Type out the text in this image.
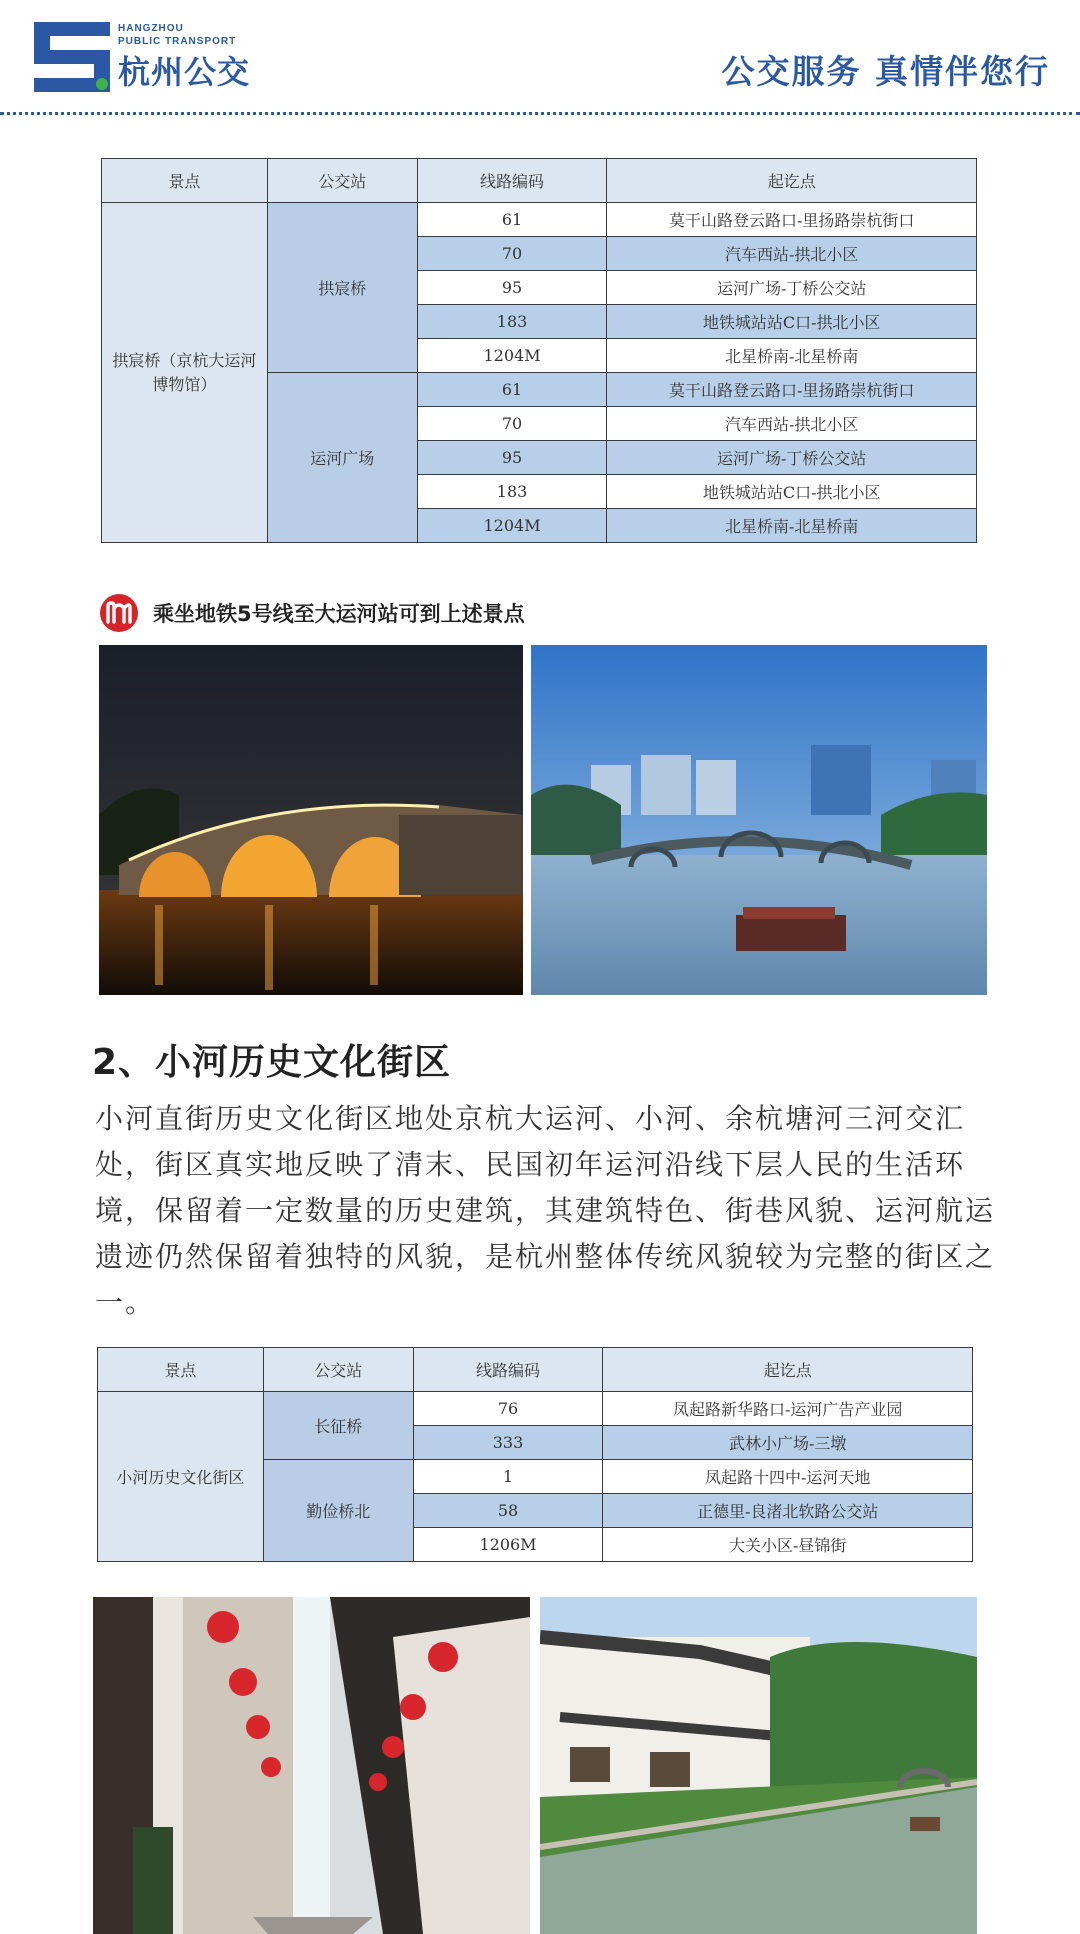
HANGZHOU
PUBLIC TRANSPORT
杭州公交	公交服务 真情伴您行
景点	公交站	线路编码	起讫点

拱宸桥（京杭大运河博物馆）	拱宸桥	61	莫干山路登云路口-里扬路崇杭街口
		70	汽车西站-拱北小区
		95	运河广场-丁桥公交站
		183	地铁城站站C口-拱北小区
		1204M	北星桥南-北星桥南
	运河广场	61	莫干山路登云路口-里扬路崇杭街口
		70	汽车西站-拱北小区
		95	运河广场-丁桥公交站
		183	地铁城站站C口-拱北小区
		1204M	北星桥南-北星桥南
乘坐地铁5号线至大运河站可到上述景点
2、小河历史文化街区
小河直街历史文化街区地处京杭大运河、小河、余杭塘河三河交汇处，街区真实地反映了清末、民国初年运河沿线下层人民的生活环境，保留着一定数量的历史建筑，其建筑特色、街巷风貌、运河航运遗迹仍然保留着独特的风貌，是杭州整体传统风貌较为完整的街区之一。
景点	公交站	线路编码	起讫点
小河历史文化街区	长征桥	76	凤起路新华路口-运河广告产业园
		333	武林小广场-三墩
	勤俭桥北	1	凤起路十四中-运河天地
		58	正德里-良渚北软路公交站
		1206M	大关小区-昼锦街
